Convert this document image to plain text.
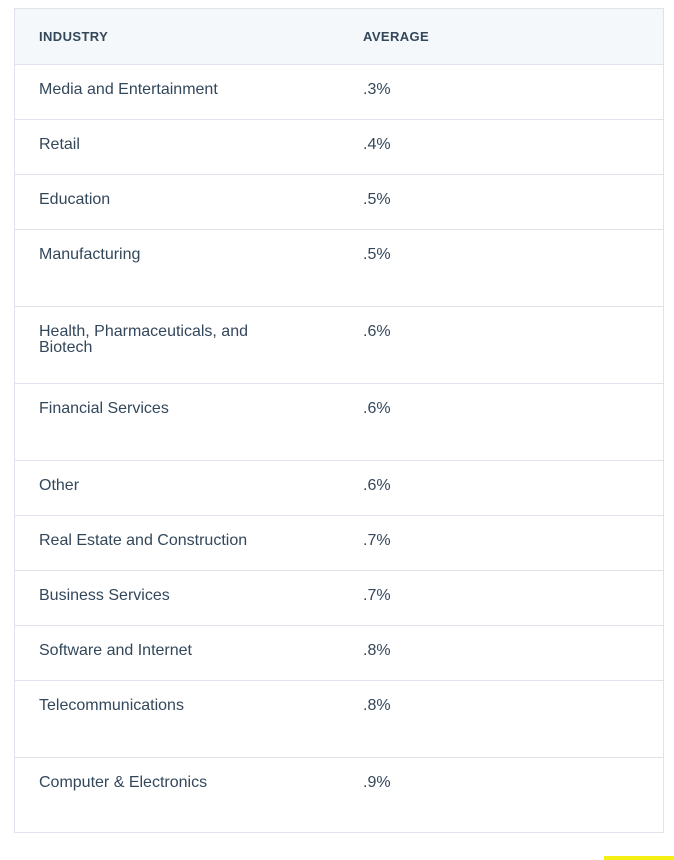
INDUSTRY	AVERAGE
Media and Entertainment	.3%
Retail	.4%
Education	.5%
Manufacturing	.5%
Health, Pharmaceuticals, and Biotech	.6%
Financial Services	.6%
Other	.6%
Real Estate and Construction	.7%
Business Services	.7%
Software and Internet	.8%
Telecommunications	.8%
Computer & Electronics	.9%
